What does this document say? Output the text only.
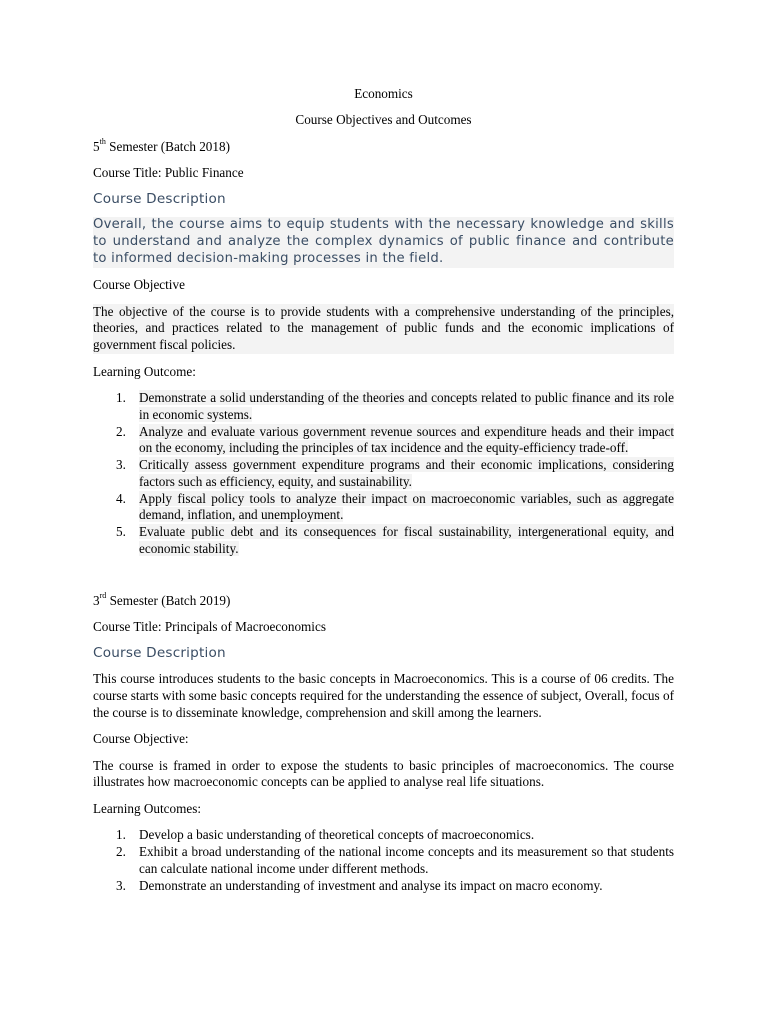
Economics

Course Objectives and Outcomes

5th Semester (Batch 2018)

Course Title: Public Finance

Course Description

Overall, the course aims to equip students with the necessary knowledge and skills to understand and analyze the complex dynamics of public finance and contribute to informed decision-making processes in the field.

Course Objective

The objective of the course is to provide students with a comprehensive understanding of the principles, theories, and practices related to the management of public funds and the economic implications of government fiscal policies.

Learning Outcome:

1. Demonstrate a solid understanding of the theories and concepts related to public finance and its role in economic systems.
2. Analyze and evaluate various government revenue sources and expenditure heads and their impact on the economy, including the principles of tax incidence and the equity-efficiency trade-off.
3. Critically assess government expenditure programs and their economic implications, considering factors such as efficiency, equity, and sustainability.
4. Apply fiscal policy tools to analyze their impact on macroeconomic variables, such as aggregate demand, inflation, and unemployment.
5. Evaluate public debt and its consequences for fiscal sustainability, intergenerational equity, and economic stability.

3rd Semester (Batch 2019)

Course Title: Principals of Macroeconomics

Course Description

This course introduces students to the basic concepts in Macroeconomics. This is a course of 06 credits. The course starts with some basic concepts required for the understanding the essence of subject, Overall, focus of the course is to disseminate knowledge, comprehension and skill among the learners.

Course Objective:

The course is framed in order to expose the students to basic principles of macroeconomics. The course illustrates how macroeconomic concepts can be applied to analyse real life situations.

Learning Outcomes:

1. Develop a basic understanding of theoretical concepts of macroeconomics.
2. Exhibit a broad understanding of the national income concepts and its measurement so that students can calculate national income under different methods.
3. Demonstrate an understanding of investment and analyse its impact on macro economy.
